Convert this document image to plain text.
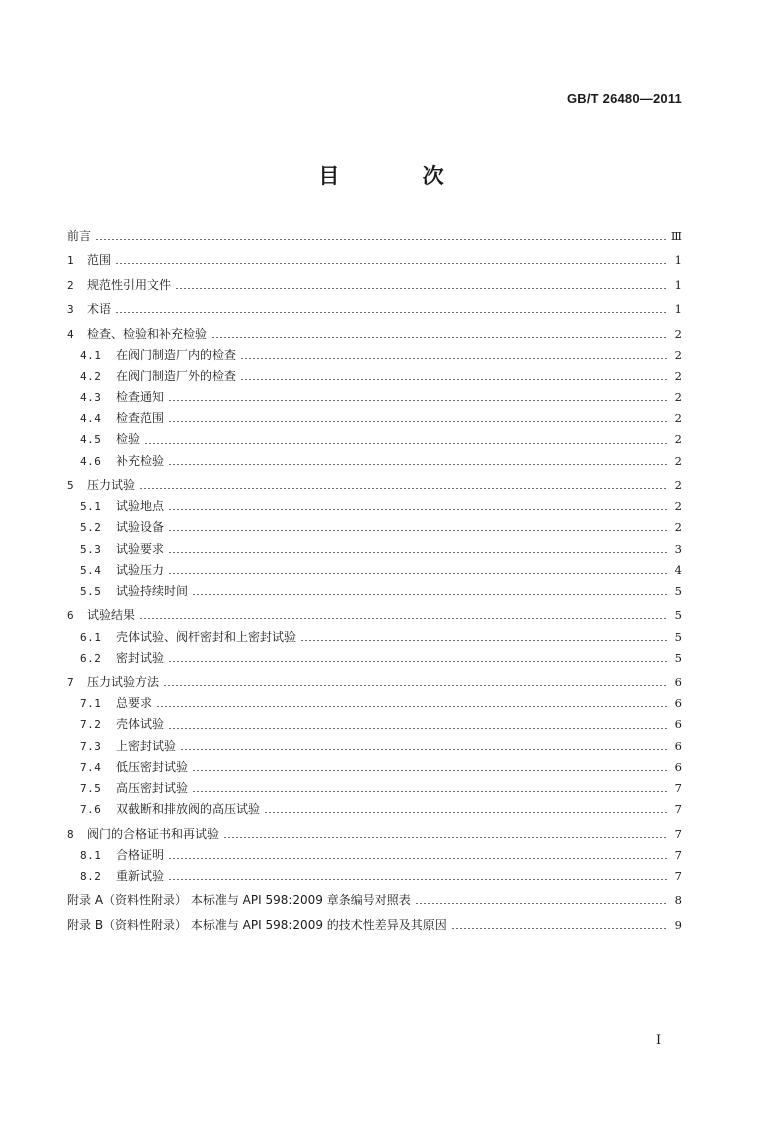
GB/T 26480—2011
目 次
前言	Ⅲ
1	范围	1
2	规范性引用文件	1
3	术语	1
4	检查、检验和补充检验	2
4.1	在阀门制造厂内的检查	2
4.2	在阀门制造厂外的检查	2
4.3	检查通知	2
4.4	检查范围	2
4.5	检验	2
4.6	补充检验	2
5	压力试验	2
5.1	试验地点	2
5.2	试验设备	2
5.3	试验要求	3
5.4	试验压力	4
5.5	试验持续时间	5
6	试验结果	5
6.1	壳体试验、阀杆密封和上密封试验	5
6.2	密封试验	5
7	压力试验方法	6
7.1	总要求	6
7.2	壳体试验	6
7.3	上密封试验	6
7.4	低压密封试验	6
7.5	高压密封试验	7
7.6	双截断和排放阀的高压试验	7
8	阀门的合格证书和再试验	7
8.1	合格证明	7
8.2	重新试验	7
附录 A（资料性附录） 本标准与 API 598:2009 章条编号对照表	8
附录 B（资料性附录） 本标准与 API 598:2009 的技术性差异及其原因	9
I
